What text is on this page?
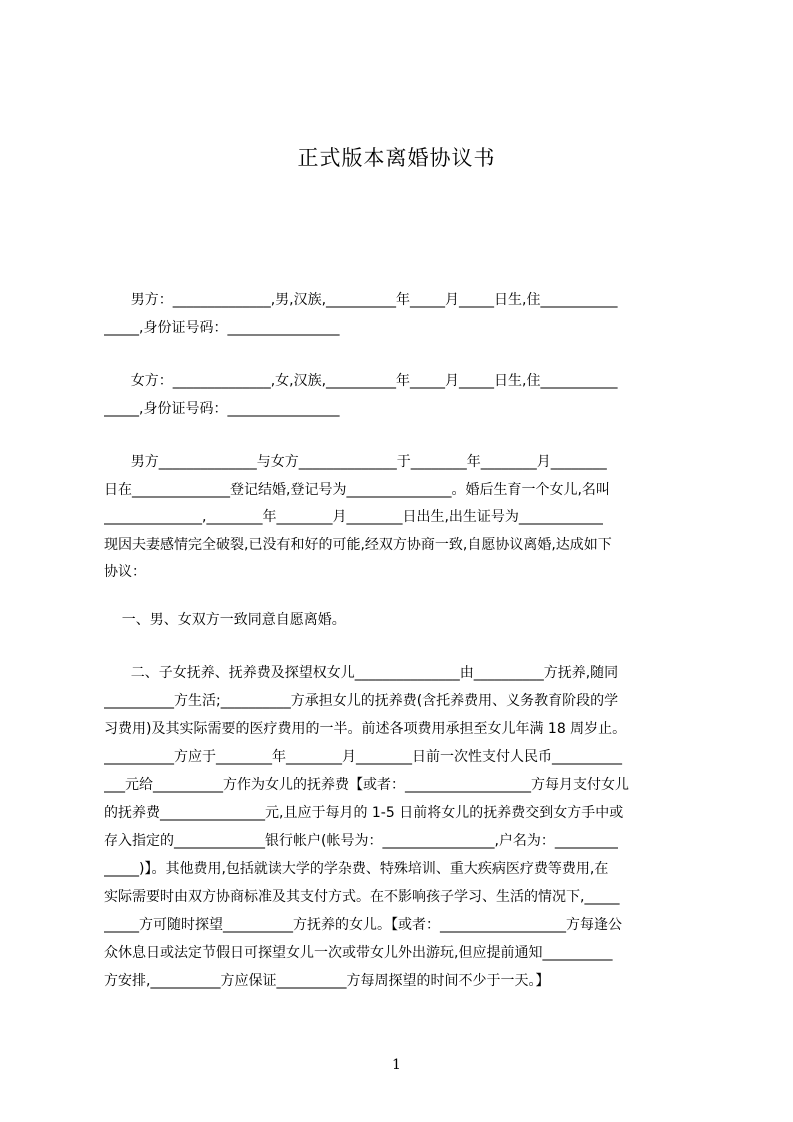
正式版本离婚协议书
男方：______________,男,汉族,__________年_____月_____日生,住___________
_____,身份证号码：________________
女方：______________,女,汉族,__________年_____月_____日生,住___________
_____,身份证号码：________________
男方______________与女方______________于________年________月________
日在______________登记结婚,登记号为_______________。婚后生育一个女儿,名叫
______________,________年________月________日出生,出生证号为____________
现因夫妻感情完全破裂,已没有和好的可能,经双方协商一致,自愿协议离婚,达成如下
协议：
一、男、女双方一致同意自愿离婚。
二、子女抚养、抚养费及探望权女儿_______________由__________方抚养,随同
__________方生活;__________方承担女儿的抚养费(含托养费用、义务教育阶段的学
习费用)及其实际需要的医疗费用的一半。前述各项费用承担至女儿年满 18 周岁止。
__________方应于________年________月________日前一次性支付人民币__________
___元给__________方作为女儿的抚养费【或者：__________________方每月支付女儿
的抚养费_______________元,且应于每月的 1-5 日前将女儿的抚养费交到女方手中或
存入指定的_____________银行帐户(帐号为：________________,户名为：_________
_____)】。其他费用,包括就读大学的学杂费、特殊培训、重大疾病医疗费等费用,在
实际需要时由双方协商标准及其支付方式。在不影响孩子学习、生活的情况下,_____
_____方可随时探望__________方抚养的女儿。【或者：__________________方每逢公
众休息日或法定节假日可探望女儿一次或带女儿外出游玩,但应提前通知__________
方安排,__________方应保证__________方每周探望的时间不少于一天。】
1
